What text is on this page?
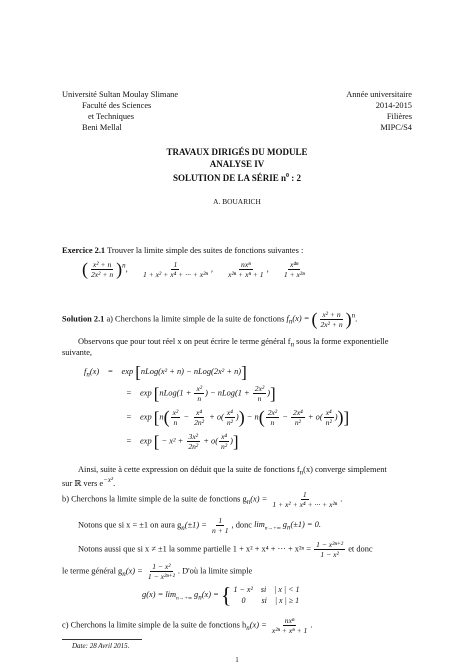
Université Sultan Moulay Slimane
Faculté des Sciences
et Techniques
Beni Mellal
Année universitaire
2014-2015
Filières
MIPC/S4
TRAVAUX DIRIGÉS DU MODULE
ANALYSE IV
SOLUTION DE LA SÉRIE $n^0$ : 2
A. BOUARICH
Exercice 2.1 Trouver la limite simple des suites de fonctions suivantes :
( $\frac{\text{x² + n}}{\text{2x² + n}} )^n$, $\frac{1}{\text{1 + x² + x⁴ + ··· + x²ⁿ}}$ , $\frac{\text{nxⁿ}}{\text{x²ⁿ + xⁿ + 1}}$ , $\frac{\text{x⁴ⁿ}}{\text{1 + x²ⁿ}}$
Solution 2.1 a) Cherchons la limite simple de la suite de fonctions $f_n(x)$ = ( $\frac{\text{x² + n}}{\text{2x² + n}} )^n$.
Observons que pour tout réel x on peut écrire le terme général $f_n$ sous la forme exponentielle
suivante,
$f_n(x)$    =    exp [nLog(x² + n) − nLog(2x² + n)]
=    exp [nLog(1 + $\frac{\text{x²}}{n}$ ) − nLog(1 + $\frac{\text{2x²}}{n}$ )]
=    $\exp [n( \frac{\text{x²}}{n} - \frac{\text{x⁴}}{\text{2n²}} + o( \frac{\text{x⁴}}{\text{n²}}$ )) − $n( \frac{\text{2x²}}{n} - \frac{\text{2x⁴}}{\text{n²}} + o( \frac{\text{x⁴}}{\text{n²}}$ ))]
=    exp [ − $x^2 + \frac{\text{3x²}}{\text{2n²}} + o( \frac{\text{x⁴}}{\text{n²}}$ )]
Ainsi, suite à cette expression on déduit que la suite de fonctions $f_n(x)$ converge simplement
sur ℝ vers $e^{-x^2}$.
b) Cherchons la limite simple de la suite de fonctions $g_n(x) = \frac{1}{\text{1 + x² + x⁴ + ··· + x²ⁿ}}$ .
Notons que si x = ±1 on aura $g_n(\pm 1) = \frac{1}{n + 1}$ , donc $\lim_{n\to+\infty} g_n(\pm 1) = 0$.
Notons aussi que si x ≠ ±1 la somme partielle 1 + x² + x⁴ + ··· + $x^{2n} = \frac{\text{1 − x²ⁿ⁺²}}{\text{1 − x²}}$ et donc
le terme général $g_n(x) = \frac{\text{1 − x²}}{\text{1 − x²ⁿ⁺²}}$ . D'où la limite simple
$g(x) = \lim_{n\to+\infty} g_n(x)$ = { 1 − x²    si    | x | < 1
0        si    | x | ≥ 1
c) Cherchons la limite simple de la suite de fonctions $h_n(x) = \frac{\text{nxⁿ}}{\text{x²ⁿ + xⁿ + 1}}$ .
Date: 28 Avril 2015.
1
